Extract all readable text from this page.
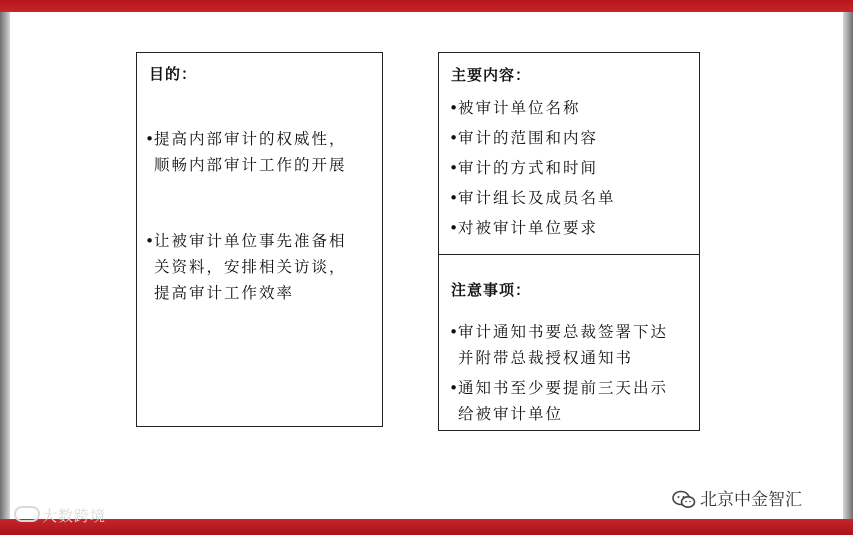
目的：
•提高内部审计的权威性，
顺畅内部审计工作的开展
•让被审计单位事先准备相
关资料，安排相关访谈，
提高审计工作效率
主要内容：
•被审计单位名称
•审计的范围和内容
•审计的方式和时间
•审计组长及成员名单
•对被审计单位要求
注意事项：
•审计通知书要总裁签署下达
并附带总裁授权通知书
•通知书至少要提前三天出示
给被审计单位
大数跨境
北京中金智汇
